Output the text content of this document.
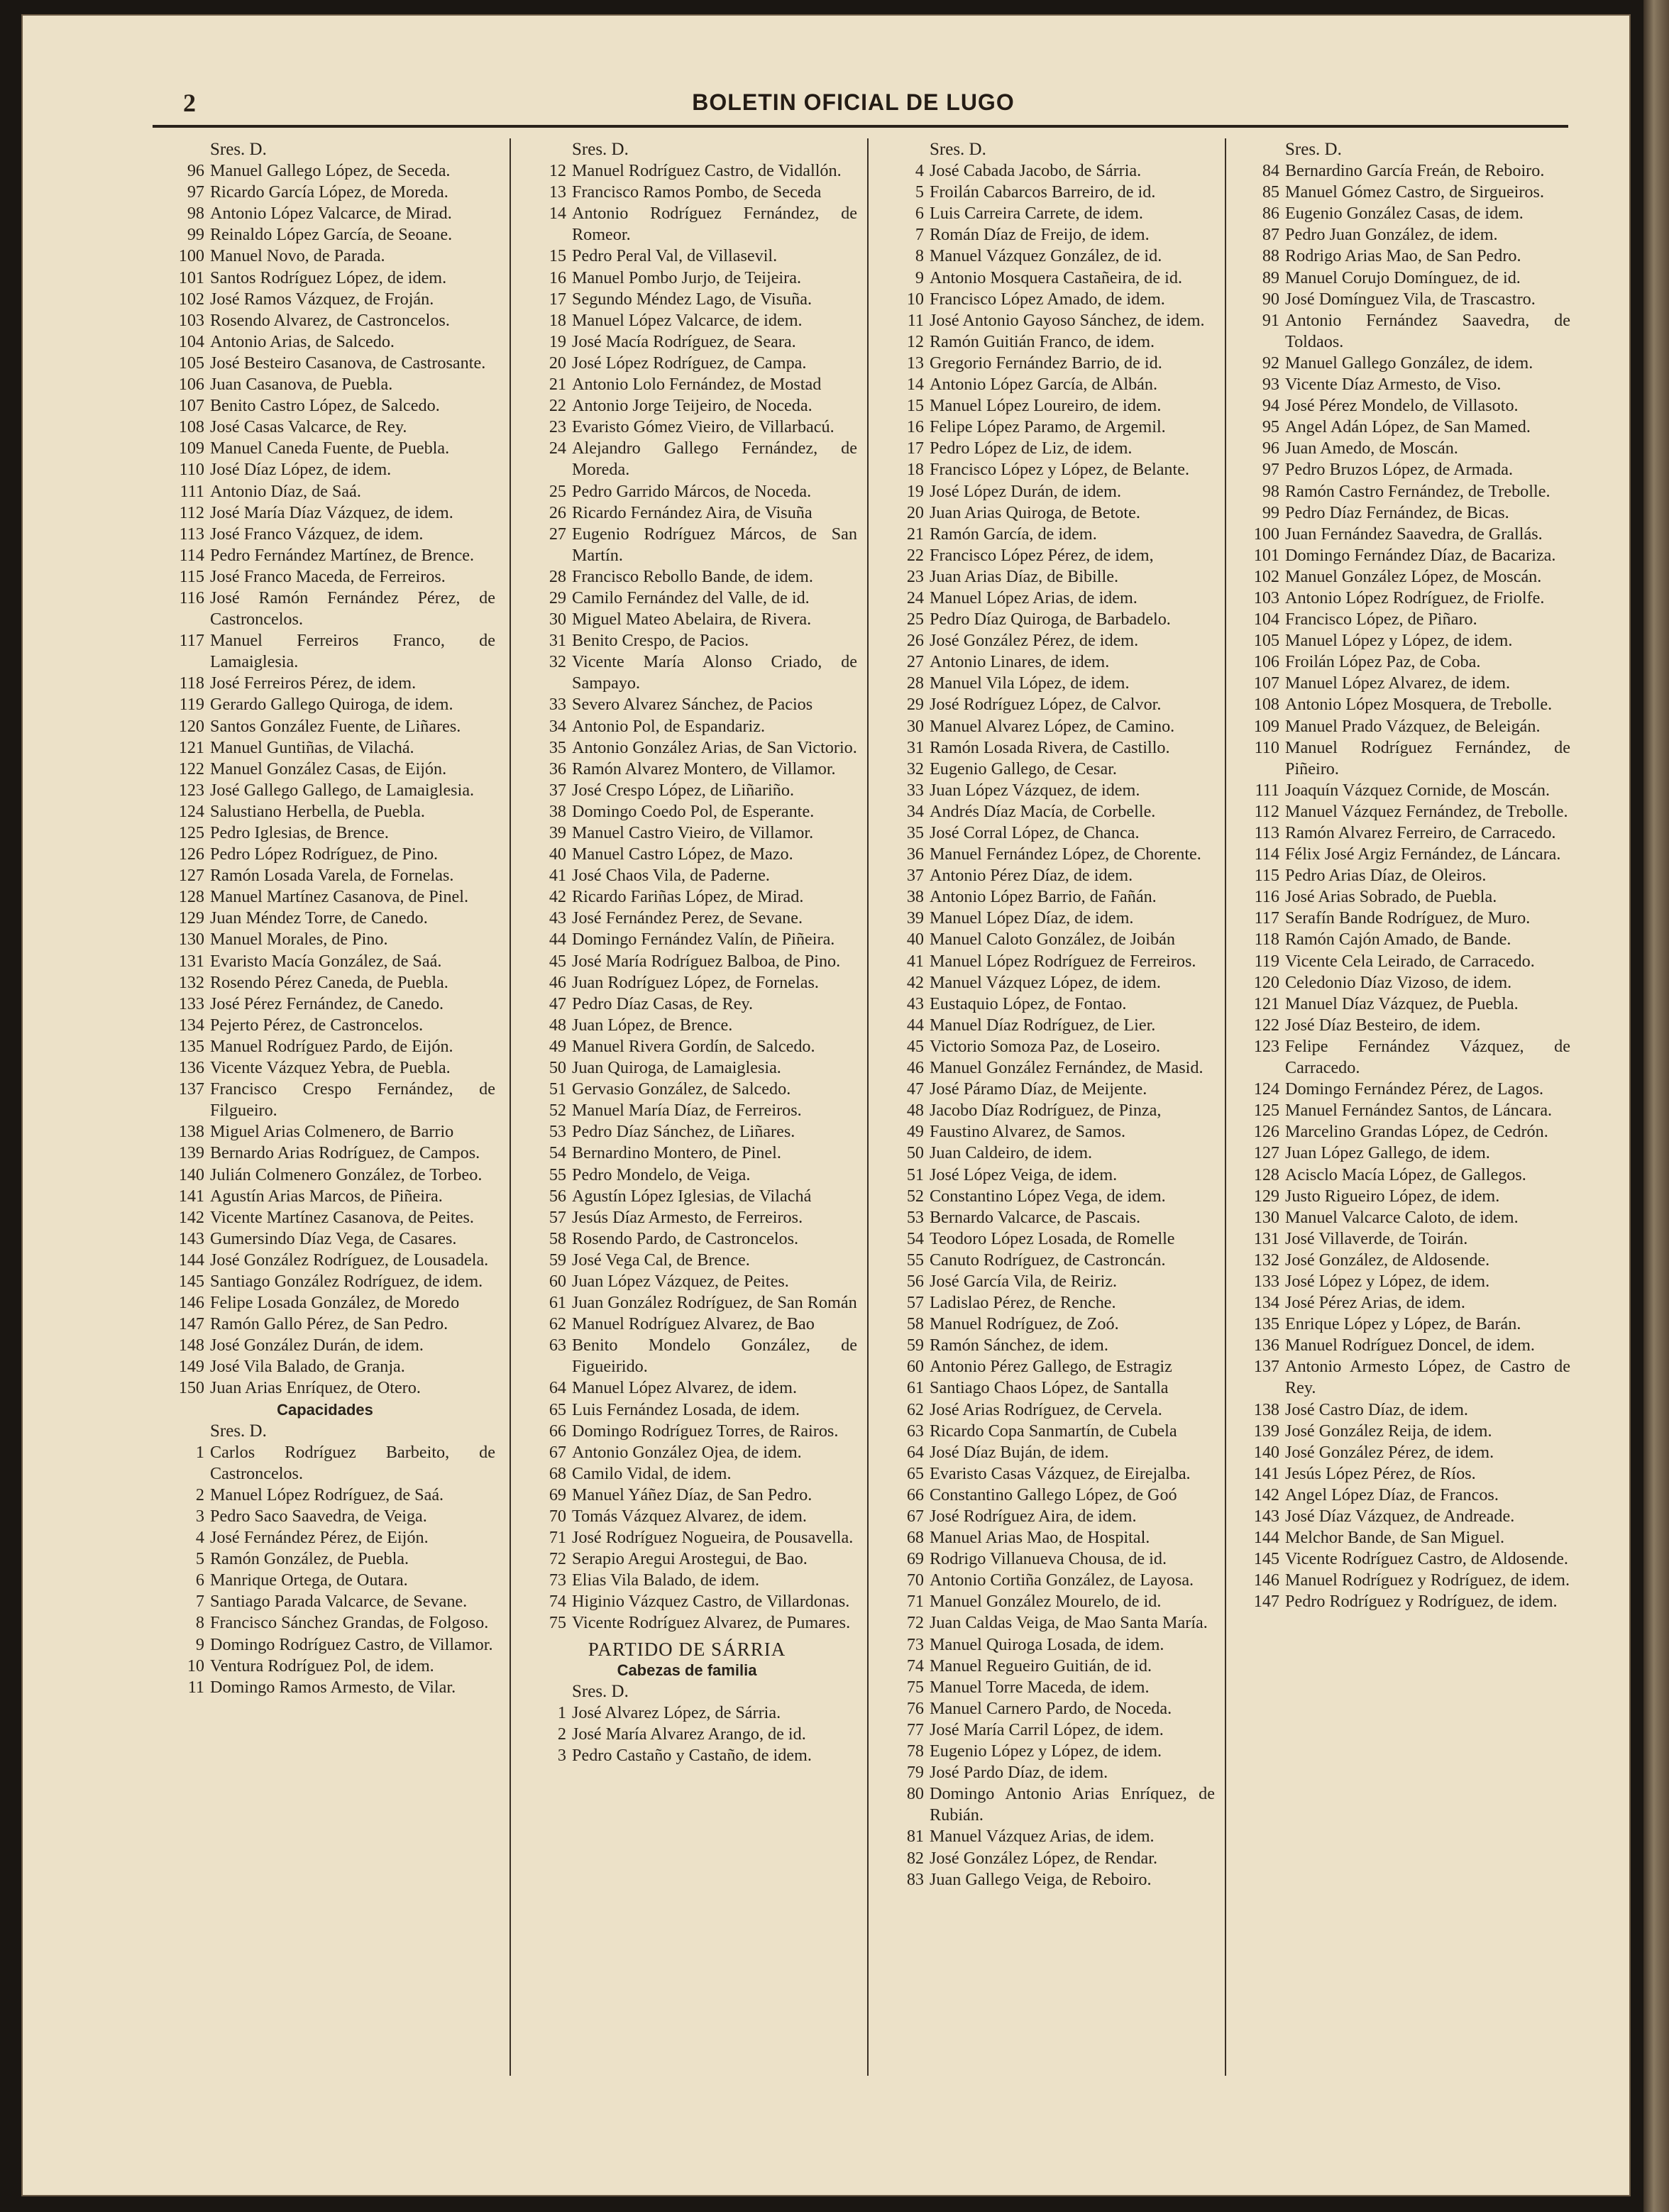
2	BOLETIN OFICIAL DE LUGO
Sres. D.
96 Manuel Gallego López, de Seceda.
97 Ricardo García López, de Moreda.
98 Antonio López Valcarce, de Mirad.
99 Reinaldo López García, de Seoane.
100 Manuel Novo, de Parada.
101 Santos Rodríguez López, de idem.
102 José Ramos Vázquez, de Froján.
103 Rosendo Alvarez, de Castroncelos.
104 Antonio Arias, de Salcedo.
105 José Besteiro Casanova, de Castrosante.
106 Juan Casanova, de Puebla.
107 Benito Castro López, de Salcedo.
108 José Casas Valcarce, de Rey.
109 Manuel Caneda Fuente, de Puebla.
110 José Díaz López, de idem.
111 Antonio Díaz, de Saá.
112 José María Díaz Vázquez, de idem.
113 José Franco Vázquez, de idem.
114 Pedro Fernández Martínez, de Brence.
115 José Franco Maceda, de Ferreiros.
116 José Ramón Fernández Pérez, de Castroncelos.
117 Manuel Ferreiros Franco, de Lamaiglesia.
118 José Ferreiros Pérez, de idem.
119 Gerardo Gallego Quiroga, de idem.
120 Santos González Fuente, de Liñares.
121 Manuel Guntiñas, de Vilachá.
122 Manuel González Casas, de Eijón.
123 José Gallego Gallego, de Lamaiglesia.
124 Salustiano Herbella, de Puebla.
125 Pedro Iglesias, de Brence.
126 Pedro López Rodríguez, de Pino.
127 Ramón Losada Varela, de Fornelas.
128 Manuel Martínez Casanova, de Pinel.
129 Juan Méndez Torre, de Canedo.
130 Manuel Morales, de Pino.
131 Evaristo Macía González, de Saá.
132 Rosendo Pérez Caneda, de Puebla.
133 José Pérez Fernández, de Canedo.
134 Pejerto Pérez, de Castroncelos.
135 Manuel Rodríguez Pardo, de Eijón.
136 Vicente Vázquez Yebra, de Puebla.
137 Francisco Crespo Fernández, de Filgueiro.
138 Miguel Arias Colmenero, de Barrio
139 Bernardo Arias Rodríguez, de Campos.
140 Julián Colmenero González, de Torbeo.
141 Agustín Arias Marcos, de Piñeira.
142 Vicente Martínez Casanova, de Peites.
143 Gumersindo Díaz Vega, de Casares.
144 José González Rodríguez, de Lousadela.
145 Santiago González Rodríguez, de idem.
146 Felipe Losada González, de Moredo
147 Ramón Gallo Pérez, de San Pedro.
148 José González Durán, de idem.
149 José Vila Balado, de Granja.
150 Juan Arias Enríquez, de Otero.
Capacidades
Sres. D.
1 Carlos Rodríguez Barbeito, de Castroncelos.
2 Manuel López Rodríguez, de Saá.
3 Pedro Saco Saavedra, de Veiga.
4 José Fernández Pérez, de Eijón.
5 Ramón González, de Puebla.
6 Manrique Ortega, de Outara.
7 Santiago Parada Valcarce, de Sevane.
8 Francisco Sánchez Grandas, de Folgoso.
9 Domingo Rodríguez Castro, de Villamor.
10 Ventura Rodríguez Pol, de idem.
11 Domingo Ramos Armesto, de Vilar.
Sres. D.
12 Manuel Rodríguez Castro, de Vidallón.
13 Francisco Ramos Pombo, de Seceda
14 Antonio Rodríguez Fernández, de Romeor.
15 Pedro Peral Val, de Villasevil.
16 Manuel Pombo Jurjo, de Teijeira.
17 Segundo Méndez Lago, de Visuña.
18 Manuel López Valcarce, de idem.
19 José Macía Rodríguez, de Seara.
20 José López Rodríguez, de Campa.
21 Antonio Lolo Fernández, de Mostad
22 Antonio Jorge Teijeiro, de Noceda.
23 Evaristo Gómez Vieiro, de Villarbacú.
24 Alejandro Gallego Fernández, de Moreda.
25 Pedro Garrido Márcos, de Noceda.
26 Ricardo Fernández Aira, de Visuña
27 Eugenio Rodríguez Márcos, de San Martín.
28 Francisco Rebollo Bande, de idem.
29 Camilo Fernández del Valle, de id.
30 Miguel Mateo Abelaira, de Rivera.
31 Benito Crespo, de Pacios.
32 Vicente María Alonso Criado, de Sampayo.
33 Severo Alvarez Sánchez, de Pacios
34 Antonio Pol, de Espandariz.
35 Antonio González Arias, de San Victorio.
36 Ramón Alvarez Montero, de Villamor.
37 José Crespo López, de Liñariño.
38 Domingo Coedo Pol, de Esperante.
39 Manuel Castro Vieiro, de Villamor.
40 Manuel Castro López, de Mazo.
41 José Chaos Vila, de Paderne.
42 Ricardo Fariñas López, de Mirad.
43 José Fernández Perez, de Sevane.
44 Domingo Fernández Valín, de Piñeira.
45 José María Rodríguez Balboa, de Pino.
46 Juan Rodríguez López, de Fornelas.
47 Pedro Díaz Casas, de Rey.
48 Juan López, de Brence.
49 Manuel Rivera Gordín, de Salcedo.
50 Juan Quiroga, de Lamaiglesia.
51 Gervasio González, de Salcedo.
52 Manuel María Díaz, de Ferreiros.
53 Pedro Díaz Sánchez, de Liñares.
54 Bernardino Montero, de Pinel.
55 Pedro Mondelo, de Veiga.
56 Agustín López Iglesias, de Vilachá
57 Jesús Díaz Armesto, de Ferreiros.
58 Rosendo Pardo, de Castroncelos.
59 José Vega Cal, de Brence.
60 Juan López Vázquez, de Peites.
61 Juan González Rodríguez, de San Román
62 Manuel Rodríguez Alvarez, de Bao
63 Benito Mondelo González, de Figueirido.
64 Manuel López Alvarez, de idem.
65 Luis Fernández Losada, de idem.
66 Domingo Rodríguez Torres, de Rairos.
67 Antonio González Ojea, de idem.
68 Camilo Vidal, de idem.
69 Manuel Yáñez Díaz, de San Pedro.
70 Tomás Vázquez Alvarez, de idem.
71 José Rodríguez Nogueira, de Pousavella.
72 Serapio Aregui Arostegui, de Bao.
73 Elias Vila Balado, de idem.
74 Higinio Vázquez Castro, de Villardonas.
75 Vicente Rodríguez Alvarez, de Pumares.
PARTIDO DE SÁRRIA
Cabezas de familia
Sres. D.
1 José Alvarez López, de Sárria.
2 José María Alvarez Arango, de id.
3 Pedro Castaño y Castaño, de idem.
Sres. D.
4 José Cabada Jacobo, de Sárria.
5 Froilán Cabarcos Barreiro, de id.
6 Luis Carreira Carrete, de idem.
7 Román Díaz de Freijo, de idem.
8 Manuel Vázquez González, de id.
9 Antonio Mosquera Castañeira, de id.
10 Francisco López Amado, de idem.
11 José Antonio Gayoso Sánchez, de idem.
12 Ramón Guitián Franco, de idem.
13 Gregorio Fernández Barrio, de id.
14 Antonio López García, de Albán.
15 Manuel López Loureiro, de idem.
16 Felipe López Paramo, de Argemil.
17 Pedro López de Liz, de idem.
18 Francisco López y López, de Belante.
19 José López Durán, de idem.
20 Juan Arias Quiroga, de Betote.
21 Ramón García, de idem.
22 Francisco López Pérez, de idem,
23 Juan Arias Díaz, de Bibille.
24 Manuel López Arias, de idem.
25 Pedro Díaz Quiroga, de Barbadelo.
26 José González Pérez, de idem.
27 Antonio Linares, de idem.
28 Manuel Vila López, de idem.
29 José Rodríguez López, de Calvor.
30 Manuel Alvarez López, de Camino.
31 Ramón Losada Rivera, de Castillo.
32 Eugenio Gallego, de Cesar.
33 Juan López Vázquez, de idem.
34 Andrés Díaz Macía, de Corbelle.
35 José Corral López, de Chanca.
36 Manuel Fernández López, de Chorente.
37 Antonio Pérez Díaz, de idem.
38 Antonio López Barrio, de Fañán.
39 Manuel López Díaz, de idem.
40 Manuel Caloto González, de Joibán
41 Manuel López Rodríguez de Ferreiros.
42 Manuel Vázquez López, de idem.
43 Eustaquio López, de Fontao.
44 Manuel Díaz Rodríguez, de Lier.
45 Victorio Somoza Paz, de Loseiro.
46 Manuel González Fernández, de Masid.
47 José Páramo Díaz, de Meijente.
48 Jacobo Díaz Rodríguez, de Pinza,
49 Faustino Alvarez, de Samos.
50 Juan Caldeiro, de idem.
51 José López Veiga, de idem.
52 Constantino López Vega, de idem.
53 Bernardo Valcarce, de Pascais.
54 Teodoro López Losada, de Romelle
55 Canuto Rodríguez, de Castroncán.
56 José García Vila, de Reiriz.
57 Ladislao Pérez, de Renche.
58 Manuel Rodríguez, de Zoó.
59 Ramón Sánchez, de idem.
60 Antonio Pérez Gallego, de Estragiz
61 Santiago Chaos López, de Santalla
62 José Arias Rodríguez, de Cervela.
63 Ricardo Copa Sanmartín, de Cubela
64 José Díaz Buján, de idem.
65 Evaristo Casas Vázquez, de Eirejalba.
66 Constantino Gallego López, de Goó
67 José Rodríguez Aira, de idem.
68 Manuel Arias Mao, de Hospital.
69 Rodrigo Villanueva Chousa, de id.
70 Antonio Cortiña González, de Layosa.
71 Manuel González Mourelo, de id.
72 Juan Caldas Veiga, de Mao Santa María.
73 Manuel Quiroga Losada, de idem.
74 Manuel Regueiro Guitián, de id.
75 Manuel Torre Maceda, de idem.
76 Manuel Carnero Pardo, de Noceda.
77 José María Carril López, de idem.
78 Eugenio López y López, de idem.
79 José Pardo Díaz, de idem.
80 Domingo Antonio Arias Enríquez, de Rubián.
81 Manuel Vázquez Arias, de idem.
82 José González López, de Rendar.
83 Juan Gallego Veiga, de Reboiro.
Sres. D.
84 Bernardino García Freán, de Reboiro.
85 Manuel Gómez Castro, de Sirgueiros.
86 Eugenio González Casas, de idem.
87 Pedro Juan González, de idem.
88 Rodrigo Arias Mao, de San Pedro.
89 Manuel Corujo Domínguez, de id.
90 José Domínguez Vila, de Trascastro.
91 Antonio Fernández Saavedra, de Toldaos.
92 Manuel Gallego González, de idem.
93 Vicente Díaz Armesto, de Viso.
94 José Pérez Mondelo, de Villasoto.
95 Angel Adán López, de San Mamed.
96 Juan Amedo, de Moscán.
97 Pedro Bruzos López, de Armada.
98 Ramón Castro Fernández, de Trebolle.
99 Pedro Díaz Fernández, de Bicas.
100 Juan Fernández Saavedra, de Grallás.
101 Domingo Fernández Díaz, de Bacariza.
102 Manuel González López, de Moscán.
103 Antonio López Rodríguez, de Friolfe.
104 Francisco López, de Piñaro.
105 Manuel López y López, de idem.
106 Froilán López Paz, de Coba.
107 Manuel López Alvarez, de idem.
108 Antonio López Mosquera, de Trebolle.
109 Manuel Prado Vázquez, de Beleigán.
110 Manuel Rodríguez Fernández, de Piñeiro.
111 Joaquín Vázquez Cornide, de Moscán.
112 Manuel Vázquez Fernández, de Trebolle.
113 Ramón Alvarez Ferreiro, de Carracedo.
114 Félix José Argiz Fernández, de Láncara.
115 Pedro Arias Díaz, de Oleiros.
116 José Arias Sobrado, de Puebla.
117 Serafín Bande Rodríguez, de Muro.
118 Ramón Cajón Amado, de Bande.
119 Vicente Cela Leirado, de Carracedo.
120 Celedonio Díaz Vizoso, de idem.
121 Manuel Díaz Vázquez, de Puebla.
122 José Díaz Besteiro, de idem.
123 Felipe Fernández Vázquez, de Carracedo.
124 Domingo Fernández Pérez, de Lagos.
125 Manuel Fernández Santos, de Láncara.
126 Marcelino Grandas López, de Cedrón.
127 Juan López Gallego, de idem.
128 Acisclo Macía López, de Gallegos.
129 Justo Rigueiro López, de idem.
130 Manuel Valcarce Caloto, de idem.
131 José Villaverde, de Toirán.
132 José González, de Aldosende.
133 José López y López, de idem.
134 José Pérez Arias, de idem.
135 Enrique López y López, de Barán.
136 Manuel Rodríguez Doncel, de idem.
137 Antonio Armesto López, de Castro de Rey.
138 José Castro Díaz, de idem.
139 José González Reija, de idem.
140 José González Pérez, de idem.
141 Jesús López Pérez, de Ríos.
142 Angel López Díaz, de Francos.
143 José Díaz Vázquez, de Andreade.
144 Melchor Bande, de San Miguel.
145 Vicente Rodríguez Castro, de Aldosende.
146 Manuel Rodríguez y Rodríguez, de idem.
147 Pedro Rodríguez y Rodríguez, de idem.
